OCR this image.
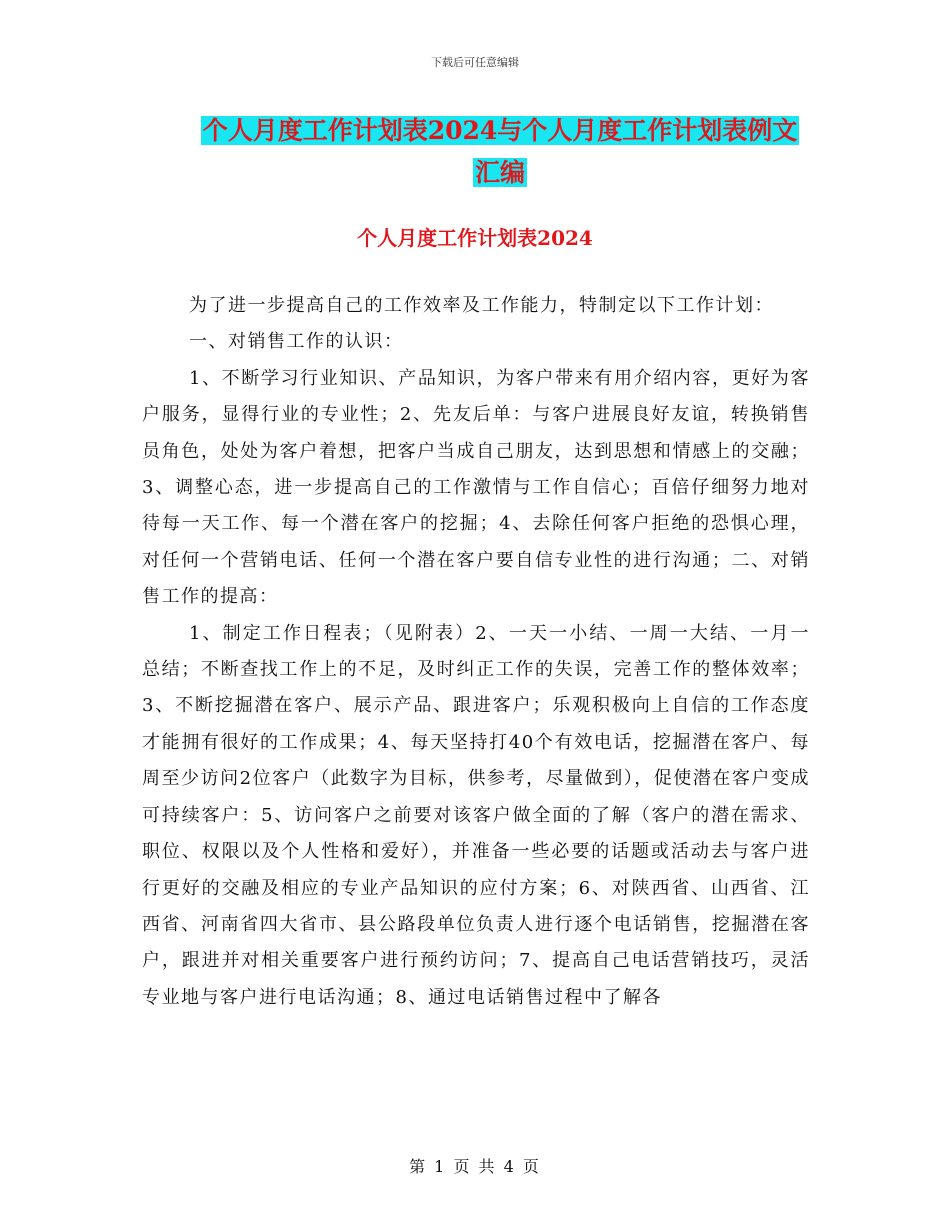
下载后可任意编辑
个人月度工作计划表2024与个人月度工作计划表例文
汇编
个人月度工作计划表2024

为了进一步提高自己的工作效率及工作能力，特制定以下工作计划：

一、对销售工作的认识：

1、不断学习行业知识、产品知识，为客户带来有用介绍内容，更好为客户服务，显得行业的专业性；2、先友后单：与客户进展良好友谊，转换销售员角色，处处为客户着想，把客户当成自己朋友，达到思想和情感上的交融；3、调整心态，进一步提高自己的工作激情与工作自信心；百倍仔细努力地对待每一天工作、每一个潜在客户的挖掘；4、去除任何客户拒绝的恐惧心理，对任何一个营销电话、任何一个潜在客户要自信专业性的进行沟通；二、对销售工作的提高：

1、制定工作日程表；（见附表）2、一天一小结、一周一大结、一月一总结；不断查找工作上的不足，及时纠正工作的失误，完善工作的整体效率；3、不断挖掘潜在客户、展示产品、跟进客户；乐观积极向上自信的工作态度才能拥有很好的工作成果；4、每天坚持打40个有效电话，挖掘潜在客户、每周至少访问2位客户（此数字为目标，供参考，尽量做到），促使潜在客户变成可持续客户：5、访问客户之前要对该客户做全面的了解（客户的潜在需求、职位、权限以及个人性格和爱好），并准备一些必要的话题或活动去与客户进行更好的交融及相应的专业产品知识的应付方案；6、对陕西省、山西省、江西省、河南省四大省市、县公路段单位负责人进行逐个电话销售，挖掘潜在客户，跟进并对相关重要客户进行预约访问；7、提高自己电话营销技巧，灵活专业地与客户进行电话沟通；8、通过电话销售过程中了解各

第 1 页 共 4 页
